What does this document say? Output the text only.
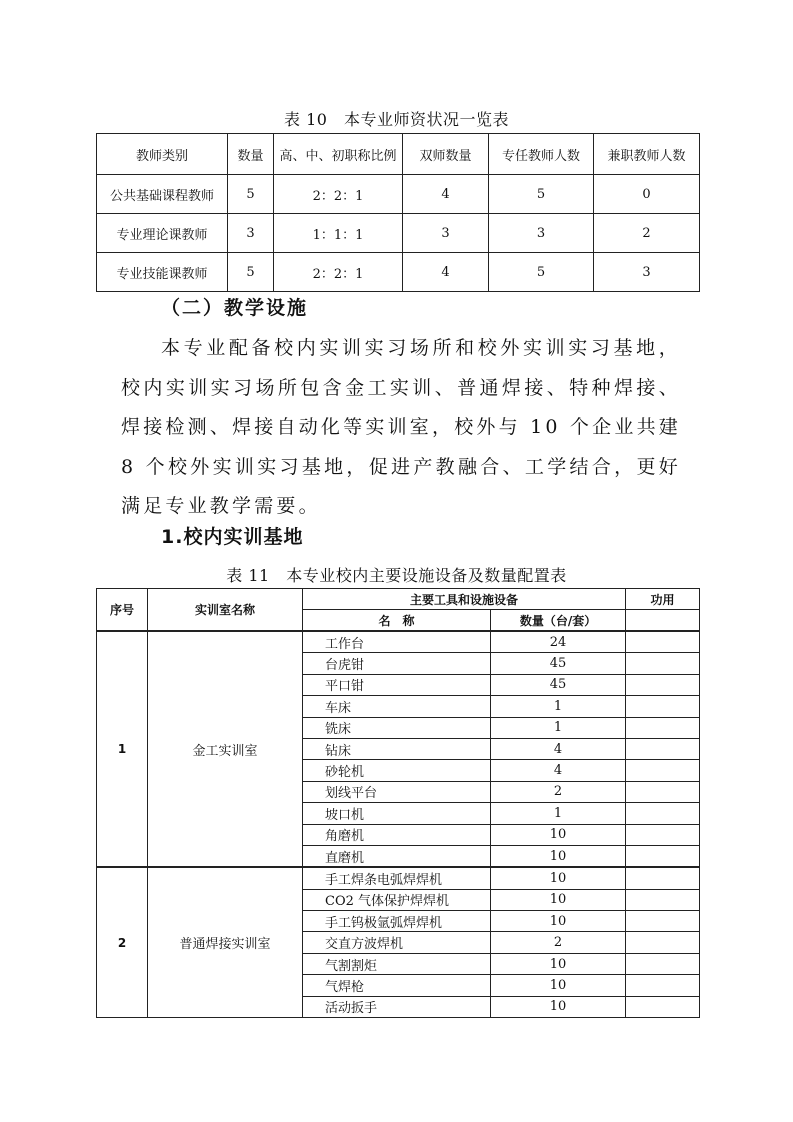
表 10　本专业师资状况一览表
教师类别	数量	高、中、初职称比例	双师数量	专任教师人数	兼职教师人数
公共基础课程教师	5	2：2：1	4	5	0
专业理论课教师	3	1：1：1	3	3	2
专业技能课教师	5	2：2：1	4	5	3
（二）教学设施
本专业配备校内实训实习场所和校外实训实习基地，校内实训实习场所包含金工实训、普通焊接、特种焊接、焊接检测、焊接自动化等实训室，校外与 10 个企业共建 8 个校外实训实习基地，促进产教融合、工学结合，更好满足专业教学需要。
1.校内实训基地
表 11　本专业校内主要设施设备及数量配置表
序号	实训室名称	主要工具和设施设备		功用
		名　称	数量（台/套）	
1	金工实训室	工作台	24	
		台虎钳	45	
		平口钳	45	
		车床	1	
		铣床	1	
		钻床	4	
		砂轮机	4	
		划线平台	2	
		坡口机	1	
		角磨机	10	
		直磨机	10	
2	普通焊接实训室	手工焊条电弧焊焊机	10	
		CO2 气体保护焊焊机	10	
		手工钨极氩弧焊焊机	10	
		交直方波焊机	2	
		气割割炬	10	
		气焊枪	10	
		活动扳手	10	
